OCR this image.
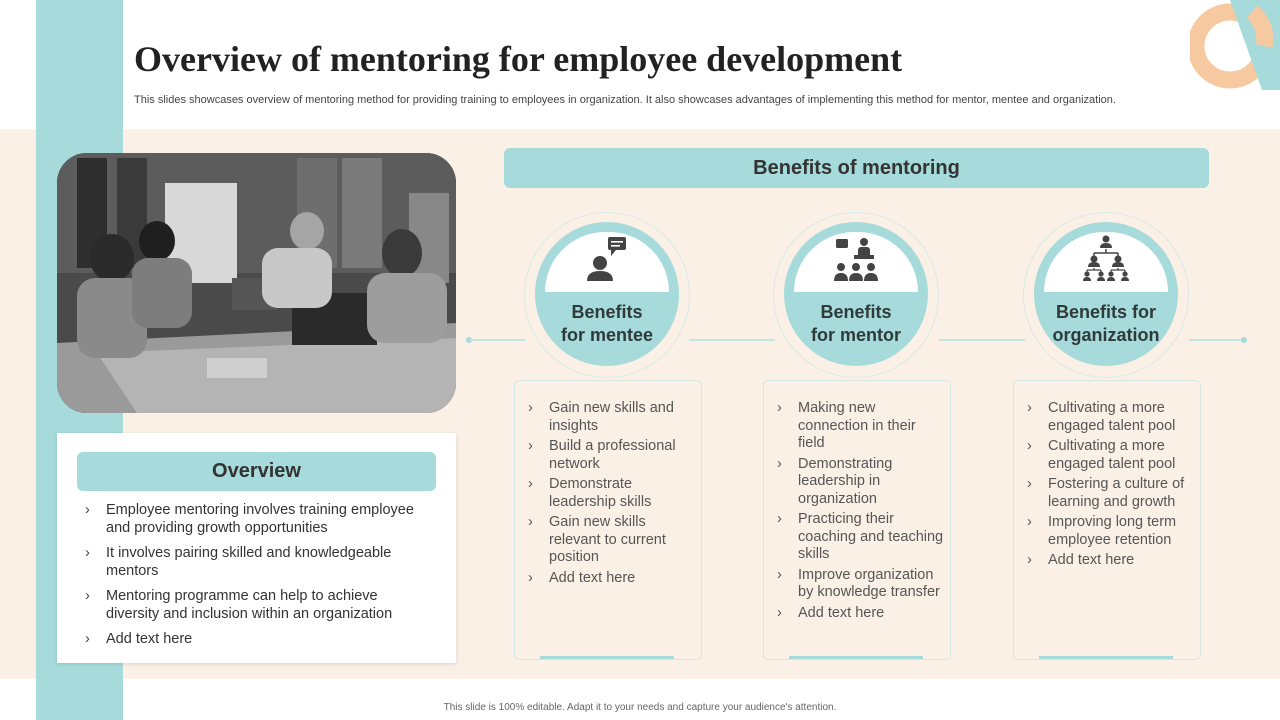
Overview of mentoring for employee development

This slides showcases overview of mentoring method for providing training to employees in organization. It also showcases advantages of implementing this method for mentor, mentee and organization.

Overview
› Employee mentoring involves training employee and providing growth opportunities
› It involves pairing skilled and knowledgeable mentors
› Mentoring programme can help to achieve diversity and inclusion within an organization
› Add text here
Benefits of mentoring
Benefits
for mentee
Benefits
for mentor
Benefits for
organization
› Gain new skills and insights
› Build a professional network
› Demonstrate leadership skills
› Gain new skills relevant to current position
› Add text here
› Making new connection in their field
› Demonstrating leadership in organization
› Practicing their coaching and teaching skills
› Improve organization by knowledge transfer
› Add text here
› Cultivating a more engaged talent pool
› Cultivating a more engaged talent pool
› Fostering a culture of learning and growth
› Improving long term employee retention
› Add text here
This slide is 100% editable. Adapt it to your needs and capture your audience's attention.
